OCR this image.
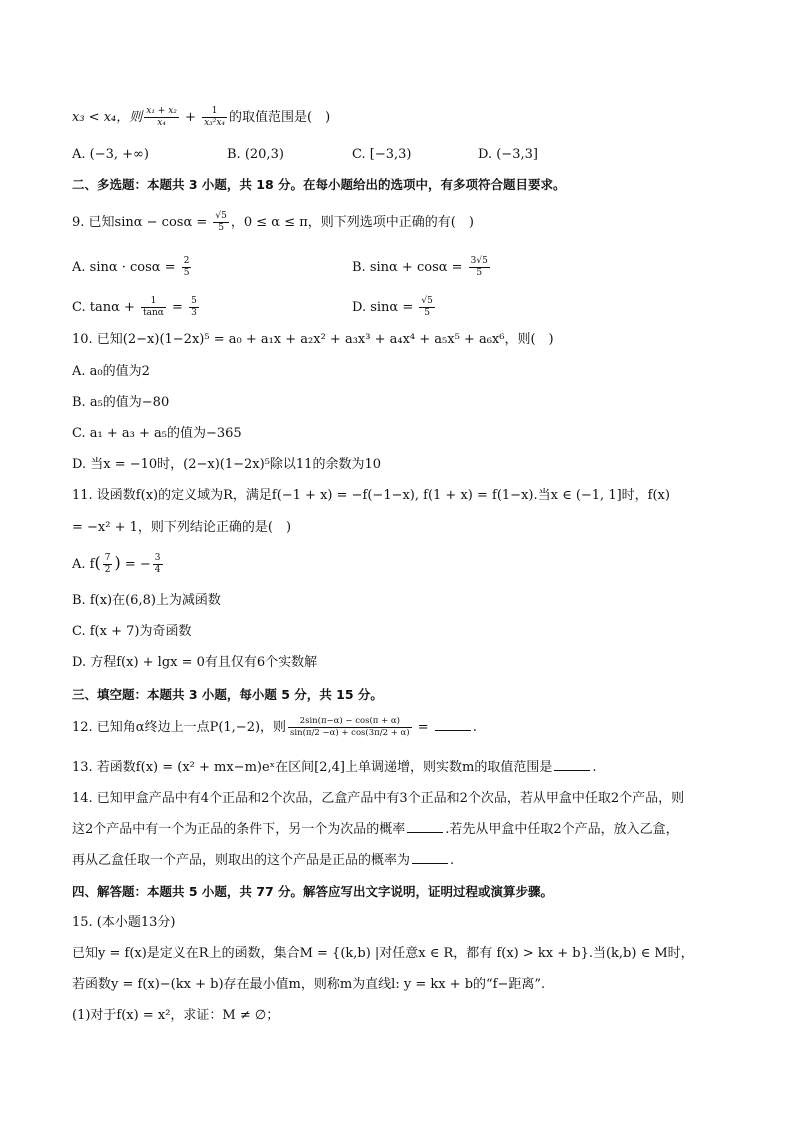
x₃ < x₄，则 $\frac{\text{x₁ + x₂}}{\text{x₄}} + \frac{1}{\text{x₃²x₄}}$ 的取值范围是(　)
A. (−3, +∞)	B. (20,3)	C. [−3,3)	D. (−3,3]
二、多选题：本题共 3 小题，共 18 分。在每小题给出的选项中，有多项符合题目要求。
9. 已知$\sin\alpha - \cos\alpha = \frac{√5}{5}$ ，0 ≤ α ≤ π，则下列选项中正确的有(　)
A. $\sin\alpha \cdot \cos\alpha = \frac{2}{5}$	B. $\sin\alpha + \cos\alpha = \frac{3√5}{5}$
C. $\tan\alpha + \frac{1}{\tan\alpha} = \frac{5}{3}$	D. $\sin\alpha = \frac{√5}{5}$
10. 已知(2−x)(1−2x)⁵ = a₀ + a₁x + a₂x² + a₃x³ + a₄x⁴ + a₅x⁵ + a₆x⁶，则(　)
A. a₀的值为2
B. a₅的值为−80
C. a₁ + a₃ + a₅的值为−365
D. 当x = −10时，(2−x)(1−2x)⁵除以11的余数为10
11. 设函数f(x)的定义域为R，满足f(−1 + x) = −f(−1−x), f(1 + x) = f(1−x).当x ∈ (−1, 1]时，f(x)
= −x² + 1，则下列结论正确的是(　)
A. $f( \frac{7}{2}$ ) = − $\frac{3}{4}$
B. f(x)在(6,8)上为减函数
C. f(x + 7)为奇函数
D. 方程f(x) + lgx = 0有且仅有6个实数解
三、填空题：本题共 3 小题，每小题 5 分，共 15 分。
12. 已知角α终边上一点P(1,−2)，则 $\frac{2\sin(\pi-\alpha) - \cos(\pi + \alpha)}{\sin(\pi/2 -\alpha) + \cos(3\pi/2 + \alpha)}$ =	.
13. 若函数f(x) = (x² + mx−m)eˣ在区间[2,4]上单调递增，则实数m的取值范围是	.
14. 已知甲盒产品中有4个正品和2个次品，乙盒产品中有3个正品和2个次品，若从甲盒中任取2个产品，则
这2个产品中有一个为正品的条件下，另一个为次品的概率	.若先从甲盒中任取2个产品，放入乙盒，
再从乙盒任取一个产品，则取出的这个产品是正品的概率为	.
四、解答题：本题共 5 小题，共 77 分。解答应写出文字说明，证明过程或演算步骤。
15. (本小题13分)
已知y = f(x)是定义在R上的函数，集合M = {(k,b) |对任意x ∈ R，都有 f(x) > kx + b}.当(k,b) ∈ M时，
若函数y = f(x)−(kx + b)存在最小值m，则称m为直线l: y = kx + b的“f−距离”.
(1)对于f(x) = x²，求证：M ≠ ∅；
